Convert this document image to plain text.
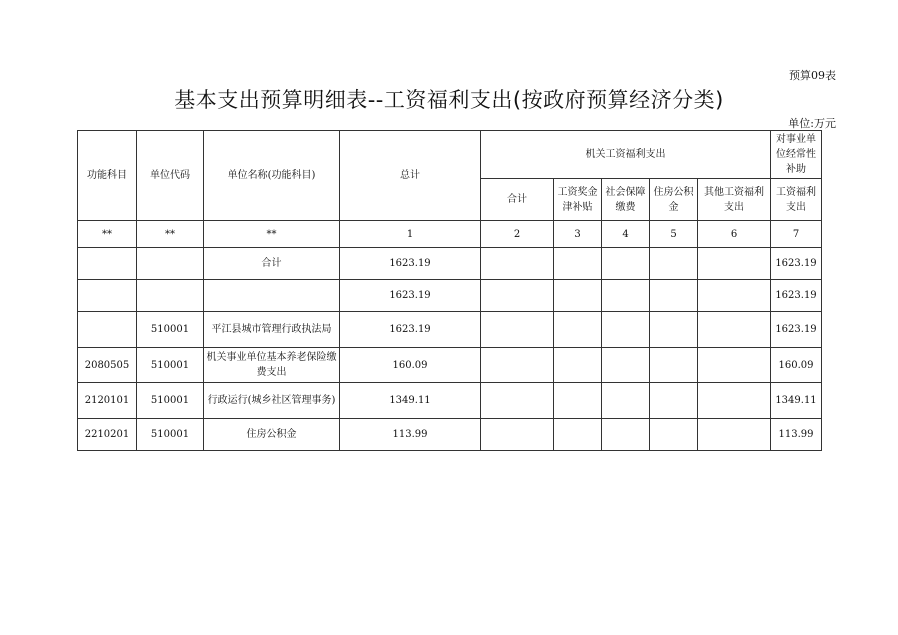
预算09表
基本支出预算明细表--工资福利支出(按政府预算经济分类)
单位:万元
功能科目	单位代码	单位名称(功能科目)	总计	机关工资福利支出					对事业单位经常性补助
				合计	工资奖金津补贴	社会保障缴费	住房公积金	其他工资福利支出	工资福利支出
**	**	**	1	2	3	4	5	6	7
		合计	1623.19						1623.19
			1623.19						1623.19
	510001	平江县城市管理行政执法局	1623.19						1623.19
2080505	510001	机关事业单位基本养老保险缴费支出	160.09						160.09
2120101	510001	行政运行(城乡社区管理事务)	1349.11						1349.11
2210201	510001	住房公积金	113.99						113.99
